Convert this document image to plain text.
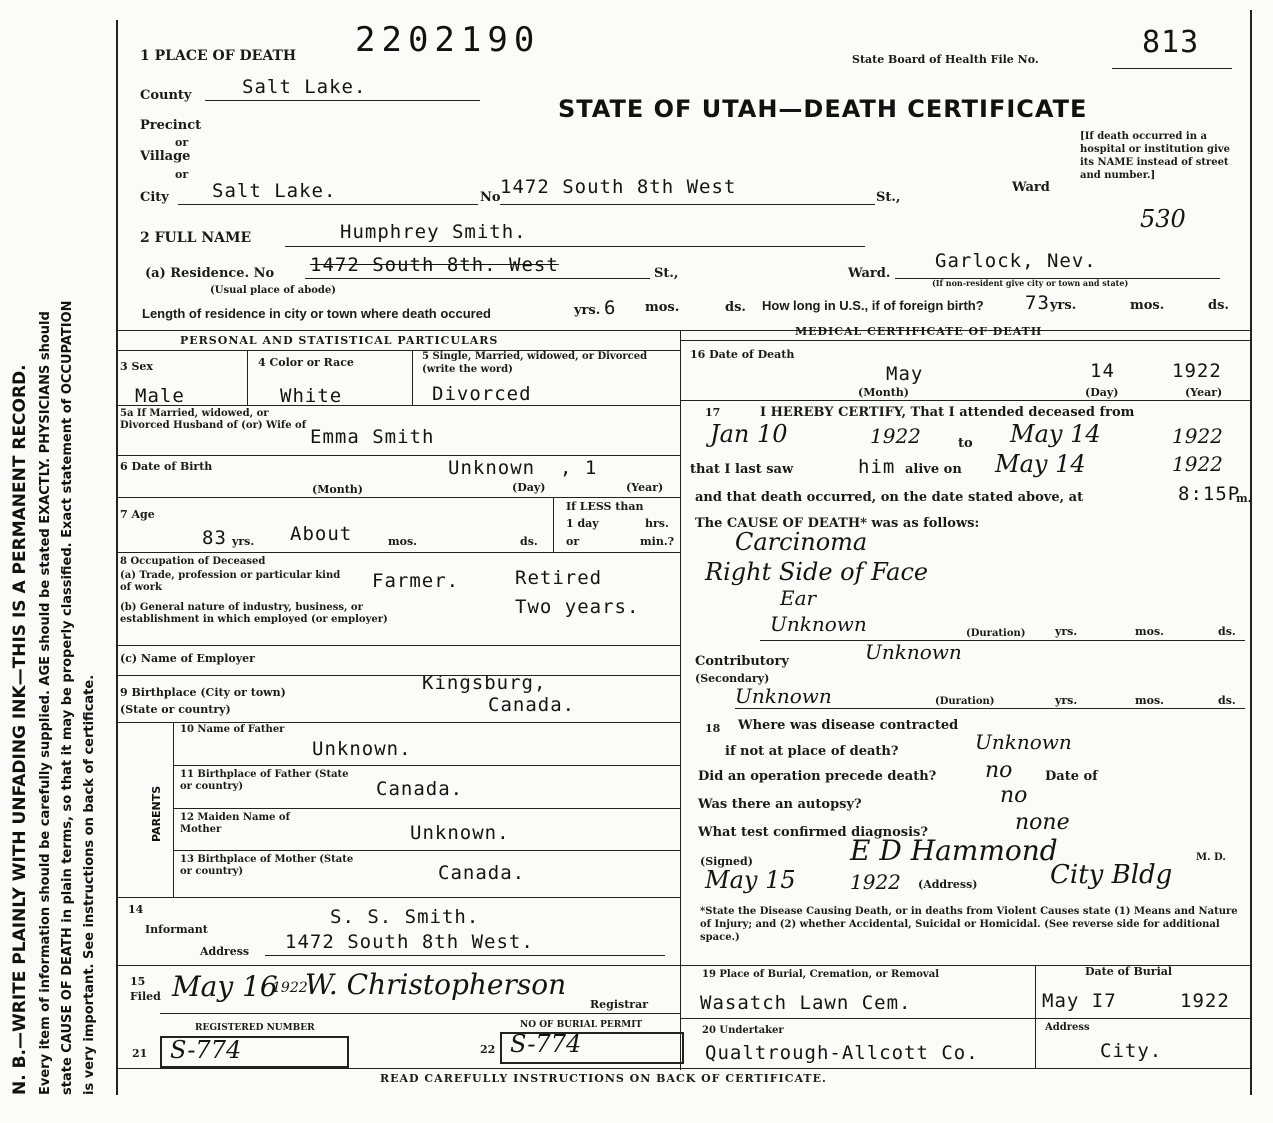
N. B.—WRITE PLAINLY WITH UNFADING INK—THIS IS A PERMANENT RECORD. Every item of information should be carefully supplied. AGE should be stated EXACTLY. PHYSICIANS should state CAUSE OF DEATH in plain terms, so that it may be properly classified. Exact statement of OCCUPATION is very important. See instructions on back of certificate.
1 PLACE OF DEATH 2202190	State Board of Health File No.	813
STATE OF UTAH—DEATH CERTIFICATE
[If death occurred in a hospital or institution give its NAME instead of street and number.]
530
County	Salt Lake.
Precinct
or
Village
or
City Salt Lake.	No 1472 South 8th West	St.,
Ward
2 FULL NAME	Humphrey Smith.
(a) Residence. No 1472 South 8th. West	St.,	Ward.
Garlock, Nev.
(Usual place of abode)
(If non-resident give city or town and state)
Length of residence in city or town where death occured	yrs. 6 mos.	ds. How long in U.S., if of foreign birth? 73 yrs.	mos.	ds.
PERSONAL AND STATISTICAL PARTICULARS
3 Sex
Male
4 Color or Race
White
5 Single, Married, widowed, or Divorced (write the word)
Divorced
5a If Married, widowed, or Divorced Husband of (or) Wife of
Emma Smith
6 Date of Birth	Unknown , 1
(Month)	(Day)	(Year)
7 Age
83 yrs. About	mos.	ds.
If LESS than
1 day	hrs.
or	min.?
8 Occupation of Deceased
(a) Trade, profession or particular kind of work	Farmer.	Retired
(b) General nature of industry, business, or establishment in which employed (or employer)
Two years.
(c) Name of Employer
9 Birthplace (City or town)	Kingsburg,
(State or country)	Canada.
PARENTS
10 Name of Father
Unknown.
11 Birthplace of Father (State or country)	Canada.
12 Maiden Name of Mother	Unknown.
13 Birthplace of Mother (State or country)	Canada.
14
Informant
S. S. Smith.
Address 1472 South 8th West.
MEDICAL CERTIFICATE OF DEATH
16 Date of Death
May	14	1922
(Month)	(Day)	(Year)
17	I HEREBY CERTIFY, That I attended deceased from
Jan 10	1922	to May 14	1922
that I last saw	him alive on May 14	1922
and that death occurred, on the date stated above, at	8:15P
m.
The CAUSE OF DEATH* was as follows:
Carcinoma
Right Side of Face
Ear
Unknown	(Duration)	yrs.	mos.	ds.
Contributory	Unknown
(Secondary)
Unknown	(Duration)	yrs.	mos.	ds.
18 Where was disease contracted
if not at place of death?	Unknown
Did an operation precede death? no	Date of
Was there an autopsy?	no
What test confirmed diagnosis?	none
(Signed)	E D Hammond	M. D.
May 15	1922 (Address)	City Bldg
*State the Disease Causing Death, or in deaths from Violent Causes state (1) Means and Nature of Injury; and (2) whether Accidental, Suicidal or Homicidal. (See reverse side for additional space.)
15
Filed May 16
1922
W. Christopherson
Registrar
REGISTERED NUMBER
21 S-774
NO OF BURIAL PERMIT
22 S-774
19 Place of Burial, Cremation, or Removal
Wasatch Lawn Cem.
Date of Burial
May I7	1922
20 Undertaker
Qualtrough-Allcott Co.
Address
City.
READ CAREFULLY INSTRUCTIONS ON BACK OF CERTIFICATE.
